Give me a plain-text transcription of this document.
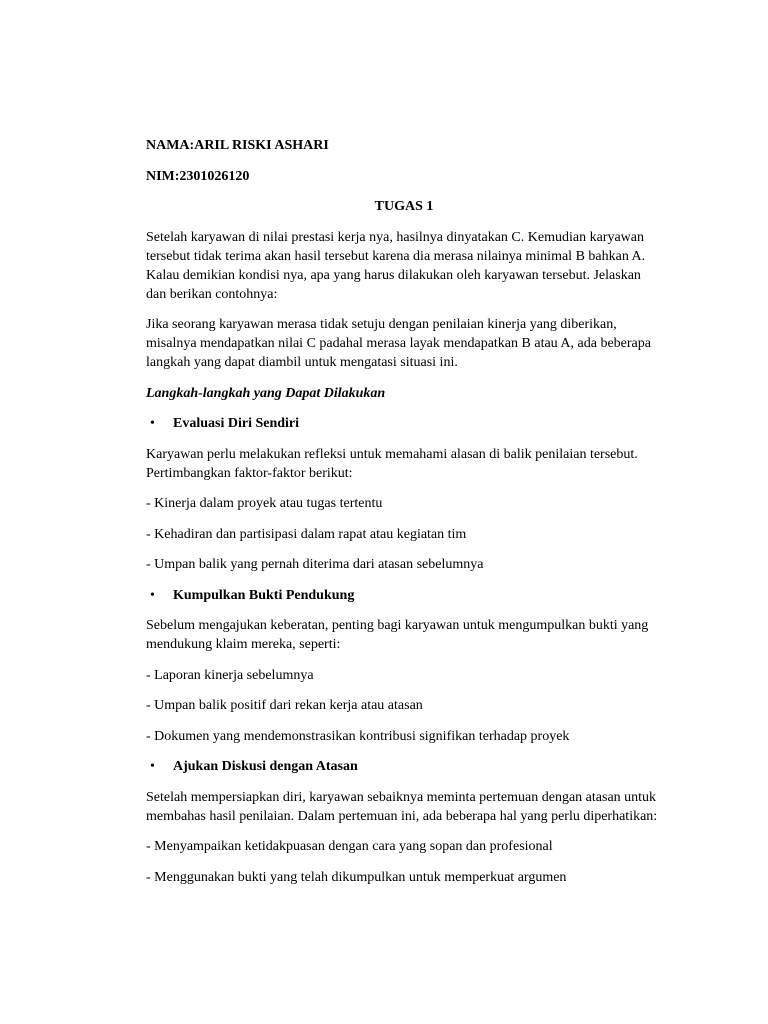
NAMA:ARIL RISKI ASHARI

NIM:2301026120

TUGAS 1

Setelah karyawan di nilai prestasi kerja nya, hasilnya dinyatakan C. Kemudian karyawan tersebut tidak terima akan hasil tersebut karena dia merasa nilainya minimal B bahkan A. Kalau demikian kondisi nya, apa yang harus dilakukan oleh karyawan tersebut. Jelaskan dan berikan contohnya:

Jika seorang karyawan merasa tidak setuju dengan penilaian kinerja yang diberikan, misalnya mendapatkan nilai C padahal merasa layak mendapatkan B atau A, ada beberapa langkah yang dapat diambil untuk mengatasi situasi ini.

Langkah-langkah yang Dapat Dilakukan

• Evaluasi Diri Sendiri

Karyawan perlu melakukan refleksi untuk memahami alasan di balik penilaian tersebut. Pertimbangkan faktor-faktor berikut:

- Kinerja dalam proyek atau tugas tertentu

- Kehadiran dan partisipasi dalam rapat atau kegiatan tim

- Umpan balik yang pernah diterima dari atasan sebelumnya

• Kumpulkan Bukti Pendukung

Sebelum mengajukan keberatan, penting bagi karyawan untuk mengumpulkan bukti yang mendukung klaim mereka, seperti:

- Laporan kinerja sebelumnya

- Umpan balik positif dari rekan kerja atau atasan

- Dokumen yang mendemonstrasikan kontribusi signifikan terhadap proyek

• Ajukan Diskusi dengan Atasan

Setelah mempersiapkan diri, karyawan sebaiknya meminta pertemuan dengan atasan untuk membahas hasil penilaian. Dalam pertemuan ini, ada beberapa hal yang perlu diperhatikan:

- Menyampaikan ketidakpuasan dengan cara yang sopan dan profesional

- Menggunakan bukti yang telah dikumpulkan untuk memperkuat argumen
